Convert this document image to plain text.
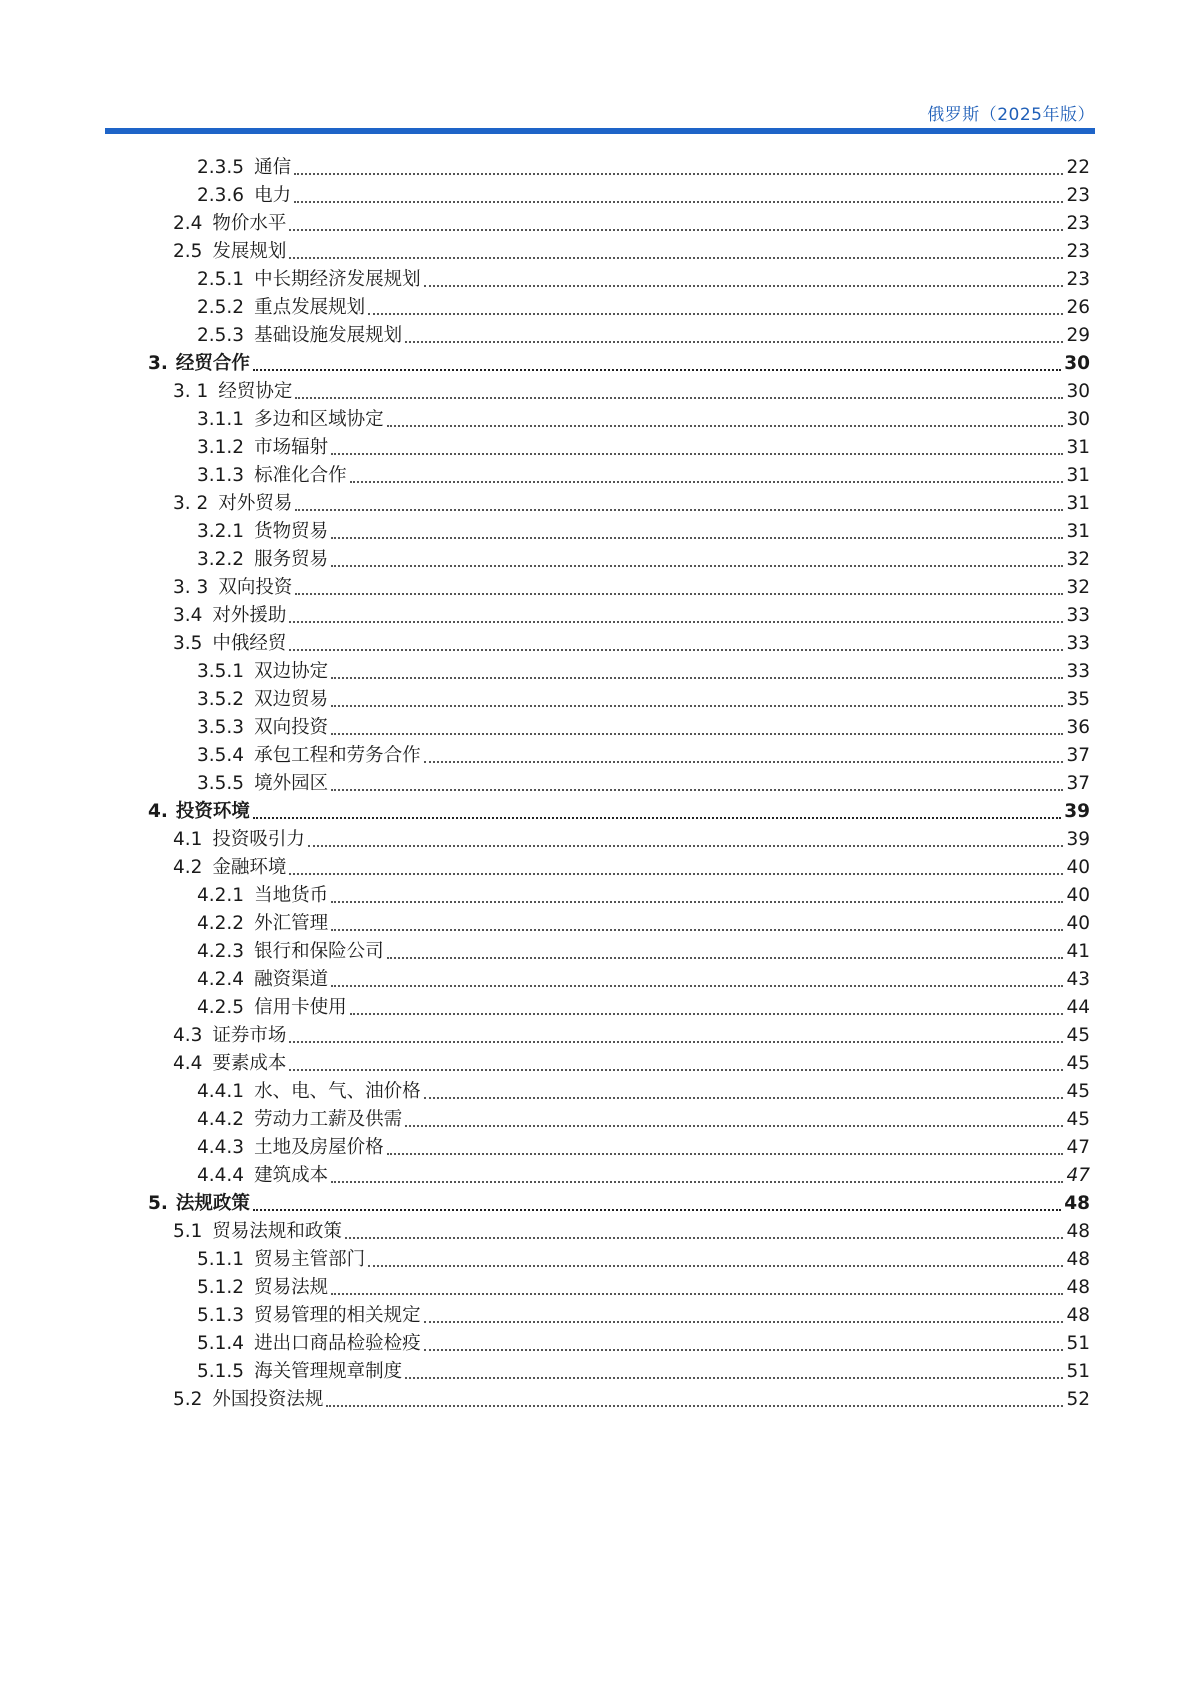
俄罗斯（2025年版）
2.3.5 通信	22
2.3.6 电力	23
2.4 物价水平	23
2.5 发展规划	23
2.5.1 中长期经济发展规划	23
2.5.2 重点发展规划	26
2.5.3 基础设施发展规划	29
3. 经贸合作	30
3. 1 经贸协定	30
3.1.1 多边和区域协定	30
3.1.2 市场辐射	31
3.1.3 标准化合作	31
3. 2 对外贸易	31
3.2.1 货物贸易	31
3.2.2 服务贸易	32
3. 3 双向投资	32
3.4 对外援助	33
3.5 中俄经贸	33
3.5.1 双边协定	33
3.5.2 双边贸易	35
3.5.3 双向投资	36
3.5.4 承包工程和劳务合作	37
3.5.5 境外园区	37
4. 投资环境	39
4.1 投资吸引力	39
4.2 金融环境	40
4.2.1 当地货币	40
4.2.2 外汇管理	40
4.2.3 银行和保险公司	41
4.2.4 融资渠道	43
4.2.5 信用卡使用	44
4.3 证券市场	45
4.4 要素成本	45
4.4.1 水、电、气、油价格	45
4.4.2 劳动力工薪及供需	45
4.4.3 土地及房屋价格	47
4.4.4 建筑成本	47
5. 法规政策	48
5.1 贸易法规和政策	48
5.1.1 贸易主管部门	48
5.1.2 贸易法规	48
5.1.3 贸易管理的相关规定	48
5.1.4 进出口商品检验检疫	51
5.1.5 海关管理规章制度	51
5.2 外国投资法规	52
